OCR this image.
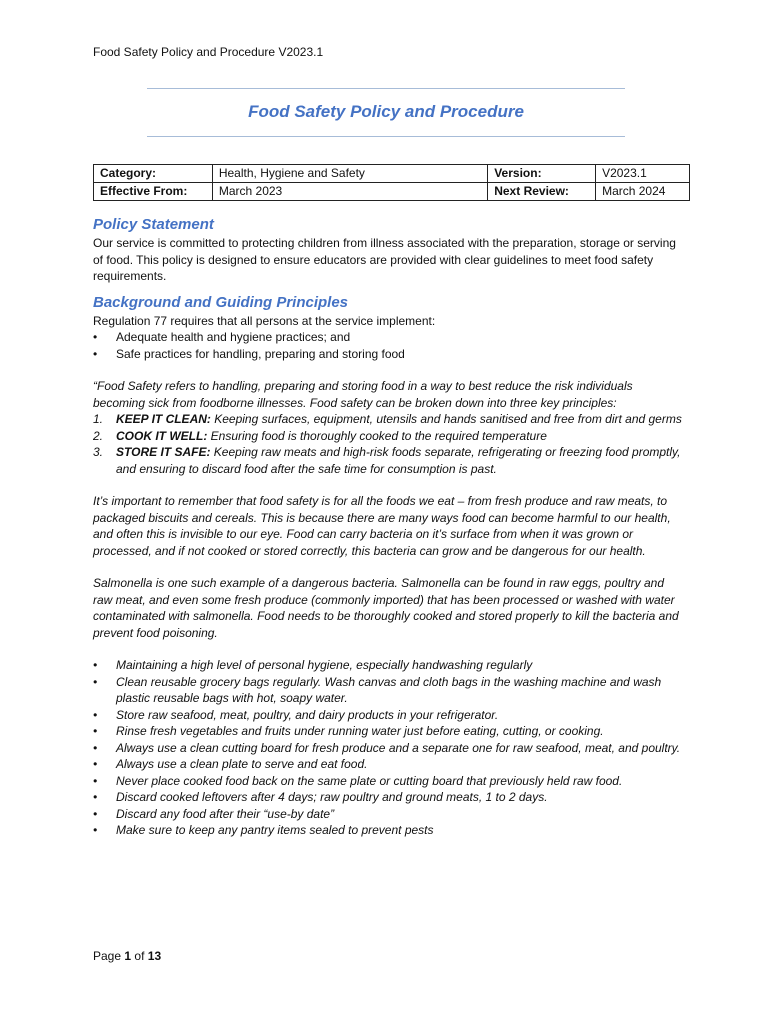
Food Safety Policy and Procedure V2023.1
Food Safety Policy and Procedure
Category:	Health, Hygiene and Safety	Version:	V2023.1
Effective From:	March 2023	Next Review:	March 2024
Policy Statement

Our service is committed to protecting children from illness associated with the preparation, storage or serving of food. This policy is designed to ensure educators are provided with clear guidelines to meet food safety requirements.

Background and Guiding Principles

Regulation 77 requires that all persons at the service implement:

•	Adequate health and hygiene practices; and
•	Safe practices for handling, preparing and storing food

“Food Safety refers to handling, preparing and storing food in a way to best reduce the risk individuals becoming sick from foodborne illnesses. Food safety can be broken down into three key principles:

1.	KEEP IT CLEAN: Keeping surfaces, equipment, utensils and hands sanitised and free from dirt and germs
2.	COOK IT WELL: Ensuring food is thoroughly cooked to the required temperature
3.	STORE IT SAFE: Keeping raw meats and high-risk foods separate, refrigerating or freezing food promptly, and ensuring to discard food after the safe time for consumption is past.

It’s important to remember that food safety is for all the foods we eat – from fresh produce and raw meats, to packaged biscuits and cereals. This is because there are many ways food can become harmful to our health, and often this is invisible to our eye. Food can carry bacteria on it’s surface from when it was grown or processed, and if not cooked or stored correctly, this bacteria can grow and be dangerous for our health.

Salmonella is one such example of a dangerous bacteria. Salmonella can be found in raw eggs, poultry and raw meat, and even some fresh produce (commonly imported) that has been processed or washed with water contaminated with salmonella. Food needs to be thoroughly cooked and stored properly to kill the bacteria and prevent food poisoning.

•	Maintaining a high level of personal hygiene, especially handwashing regularly
•	Clean reusable grocery bags regularly. Wash canvas and cloth bags in the washing machine and wash plastic reusable bags with hot, soapy water.
•	Store raw seafood, meat, poultry, and dairy products in your refrigerator.
•	Rinse fresh vegetables and fruits under running water just before eating, cutting, or cooking.
•	Always use a clean cutting board for fresh produce and a separate one for raw seafood, meat, and poultry.
•	Always use a clean plate to serve and eat food.
•	Never place cooked food back on the same plate or cutting board that previously held raw food.
•	Discard cooked leftovers after 4 days; raw poultry and ground meats, 1 to 2 days.
•	Discard any food after their “use-by date”
•	Make sure to keep any pantry items sealed to prevent pests
Page 1 of 13
